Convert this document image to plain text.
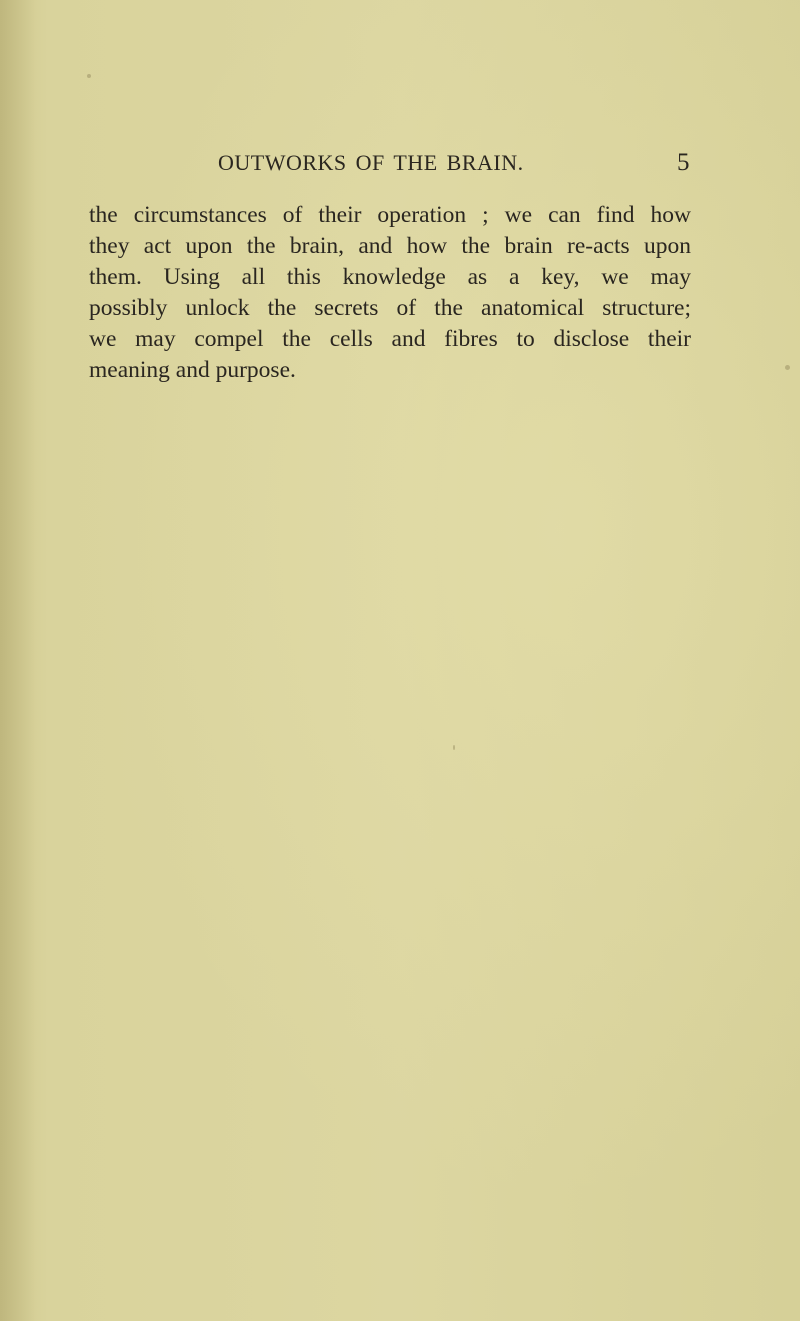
OUTWORKS OF THE BRAIN.	5
the circumstances of their operation ; we can find how
they act upon the brain, and how the brain re-acts upon
them. Using all this knowledge as a key, we may
possibly unlock the secrets of the anatomical structure;
we may compel the cells and fibres to disclose their
meaning and purpose.
